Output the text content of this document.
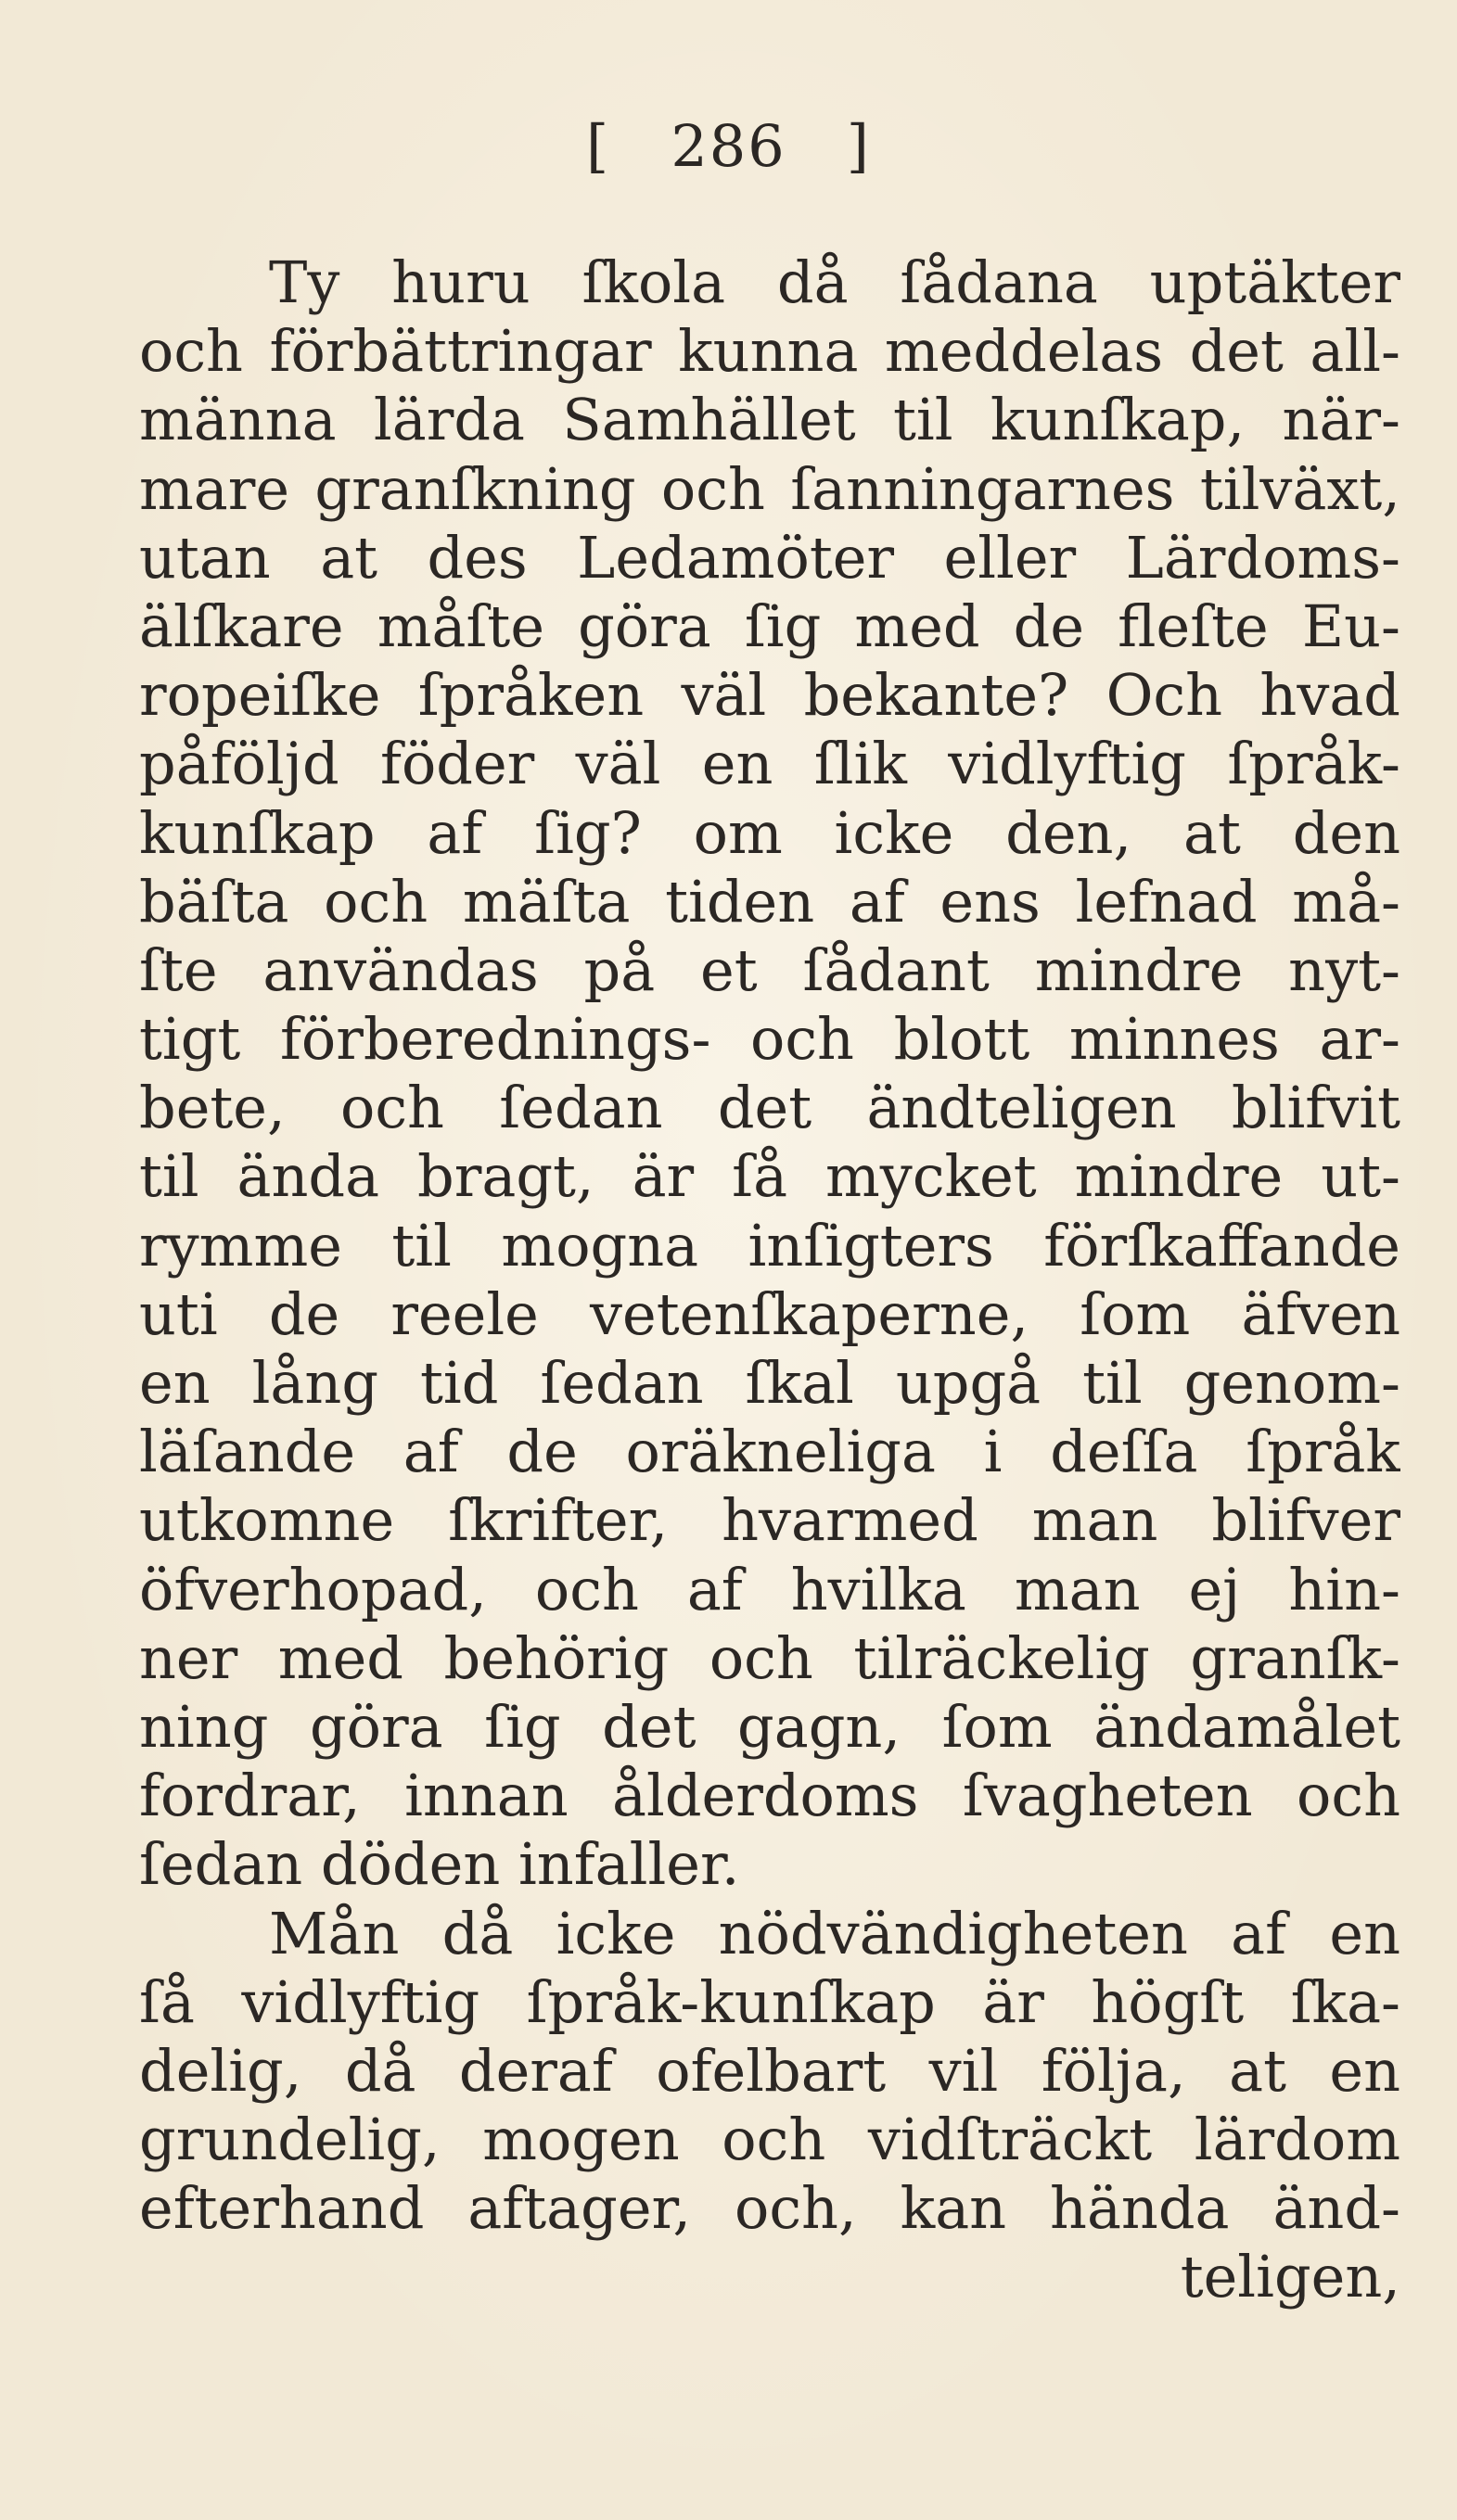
[   286   ]
Ty huru ſkola då ſådana uptäkter
och förbättringar kunna meddelas det all-
männa lärda Samhället til kunſkap, när-
mare granſkning och ſanningarnes tilväxt,
utan at des Ledamöter eller Lärdoms-
älſkare måſte göra ſig med de fleſte Eu-
ropeiſke ſpråken väl bekante? Och hvad
påföljd föder väl en ſlik vidlyftig ſpråk-
kunſkap af ſig? om icke den, at den
bäſta och mäſta tiden af ens lefnad må-
ſte användas på et ſådant mindre nyt-
tigt förberednings- och blott minnes ar-
bete, och ſedan det ändteligen blifvit
til ända bragt, är ſå mycket mindre ut-
rymme til mogna inſigters förſkaffande
uti de reele vetenſkaperne, ſom äfven
en lång tid ſedan ſkal upgå til genom-
läſande af de oräkneliga i deſſa ſpråk
utkomne ſkrifter, hvarmed man blifver
öfverhopad, och af hvilka man ej hin-
ner med behörig och tilräckelig granſk-
ning göra ſig det gagn, ſom ändamålet
fordrar, innan ålderdoms ſvagheten och
ſedan döden infaller.
Mån då icke nödvändigheten af en
ſå vidlyftig ſpråk-kunſkap är högſt ſka-
delig, då deraf ofelbart vil följa, at en
grundelig, mogen och vidſträckt lärdom
efterhand aftager, och, kan hända änd-
teligen,
